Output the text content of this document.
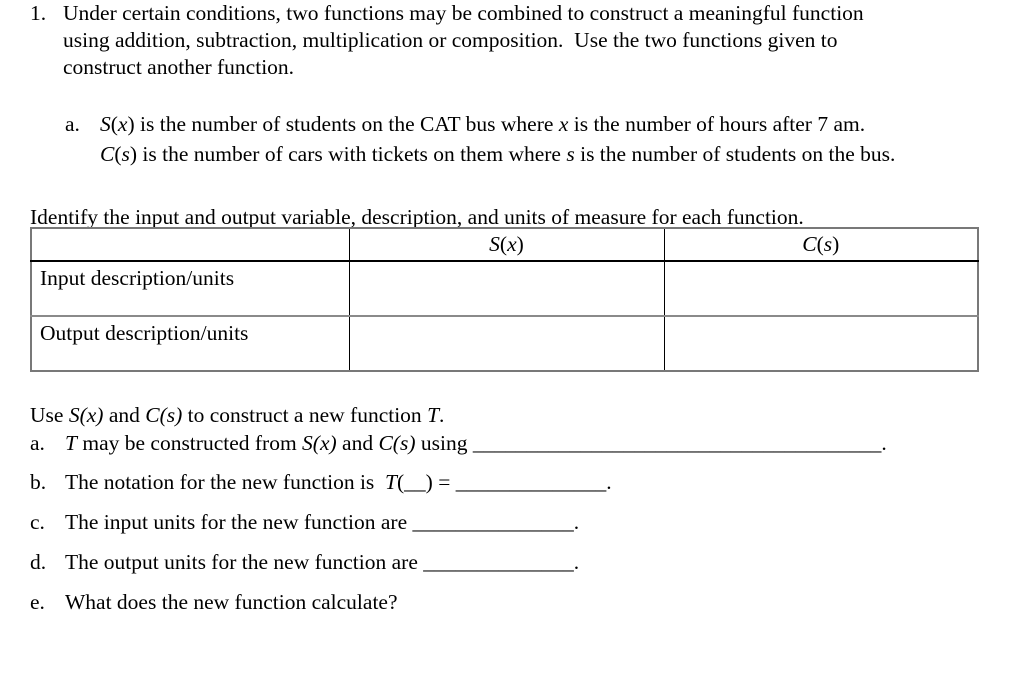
1. Under certain conditions, two functions may be combined to construct a meaningful function
using addition, subtraction, multiplication or composition.  Use the two functions given to
construct another function.
a. S(x) is the number of students on the CAT bus where x is the number of hours after 7 am.
C(s) is the number of cars with tickets on them where s is the number of students on the bus.
Identify the input and output variable, description, and units of measure for each function.
	S(x)	C(s)
Input description/units		
Output description/units		
Use S(x) and C(s) to construct a new function T.
a. T may be constructed from S(x) and C(s) using ______________________________________.
b. The notation for the new function is  T(__) = ______________.
c. The input units for the new function are _______________.
d. The output units for the new function are ______________.
e. What does the new function calculate?
